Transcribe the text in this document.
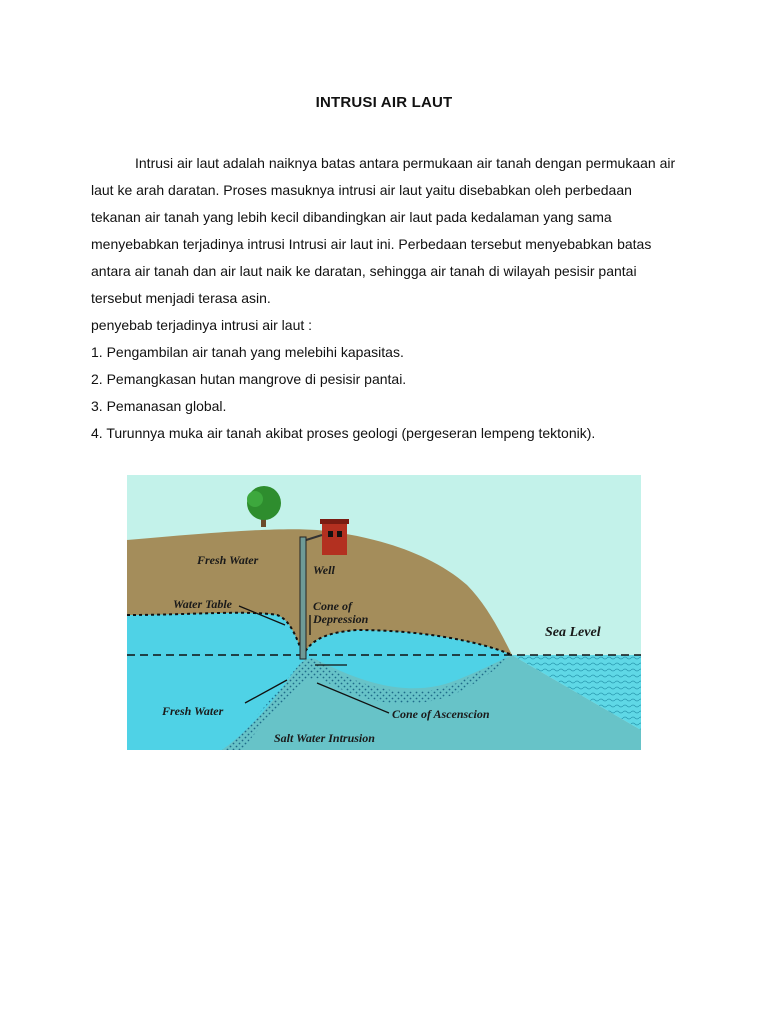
INTRUSI AIR LAUT

Intrusi air laut adalah naiknya batas antara permukaan air tanah dengan permukaan air laut ke arah daratan. Proses masuknya intrusi air laut yaitu disebabkan oleh perbedaan tekanan air tanah yang lebih kecil dibandingkan air laut pada kedalaman yang sama menyebabkan terjadinya intrusi Intrusi air laut ini. Perbedaan tersebut menyebabkan batas antara air tanah dan air laut naik ke daratan, sehingga air tanah di wilayah pesisir pantai tersebut menjadi terasa asin.

penyebab terjadinya intrusi air laut :

1. Pengambilan air tanah yang melebihi kapasitas.

2. Pemangkasan hutan mangrove di pesisir pantai.

3. Pemanasan global.

4. Turunnya muka air tanah akibat proses geologi (pergeseran lempeng tektonik).

Fresh Water
Well
Water Table	Cone of
Depression
Sea Level
Fresh Water	Cone of Ascenscion
Salt Water Intrusion
